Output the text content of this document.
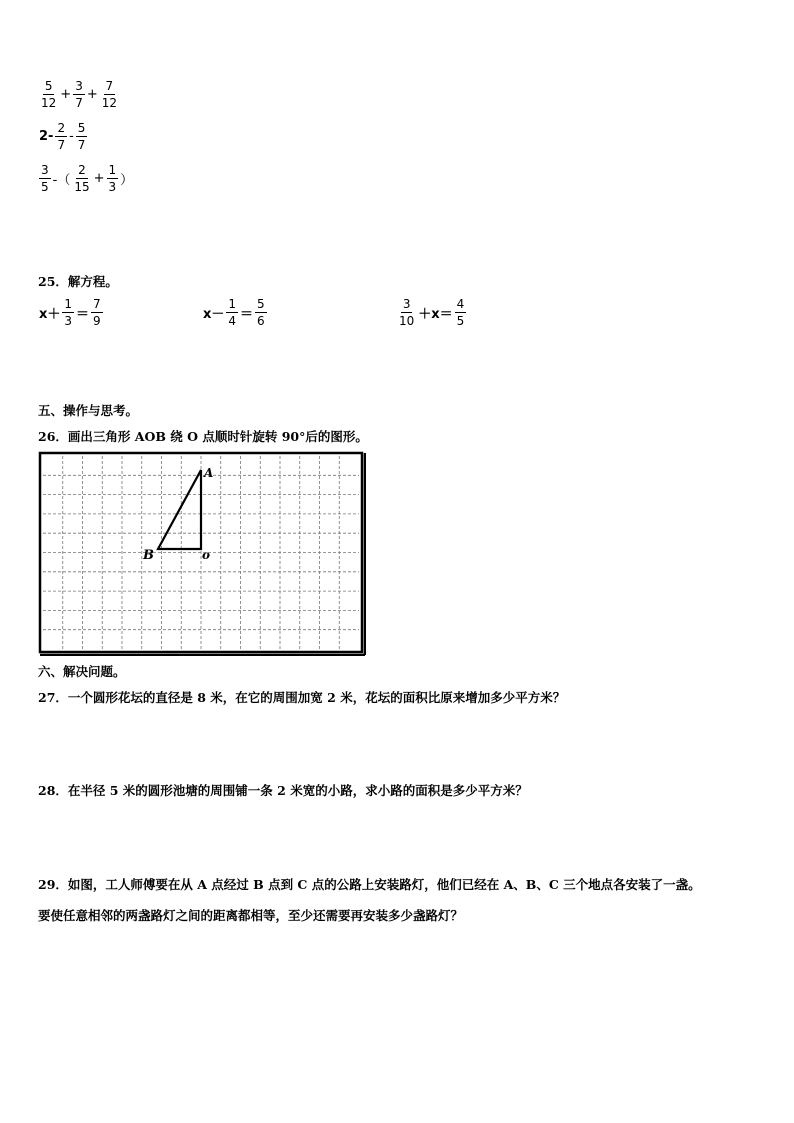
$\frac{5}{12} + \frac{3}{7} + \frac{7}{12}$
$2- \frac{2}{7} - \frac{5}{7}$
$\frac{3}{5}$ -（ $\frac{2}{15} + \frac{1}{3}$ ）
25．解方程。
$x+ \frac{1}{3} = \frac{7}{9}$	$x- \frac{1}{4} = \frac{5}{6}$	$\frac{3}{10} +x= \frac{4}{5}$
五、操作与思考。
26．画出三角形 AOB 绕 O 点顺时针旋转 90°后的图形。
A
B	o
六、解决问题。
27．一个圆形花坛的直径是 8 米，在它的周围加宽 2 米，花坛的面积比原来增加多少平方米？
28．在半径 5 米的圆形池塘的周围铺一条 2 米宽的小路，求小路的面积是多少平方米？
29．如图，工人师傅要在从 A 点经过 B 点到 C 点的公路上安装路灯，他们已经在 A、B、C 三个地点各安装了一盏。
要使任意相邻的两盏路灯之间的距离都相等，至少还需要再安装多少盏路灯？
